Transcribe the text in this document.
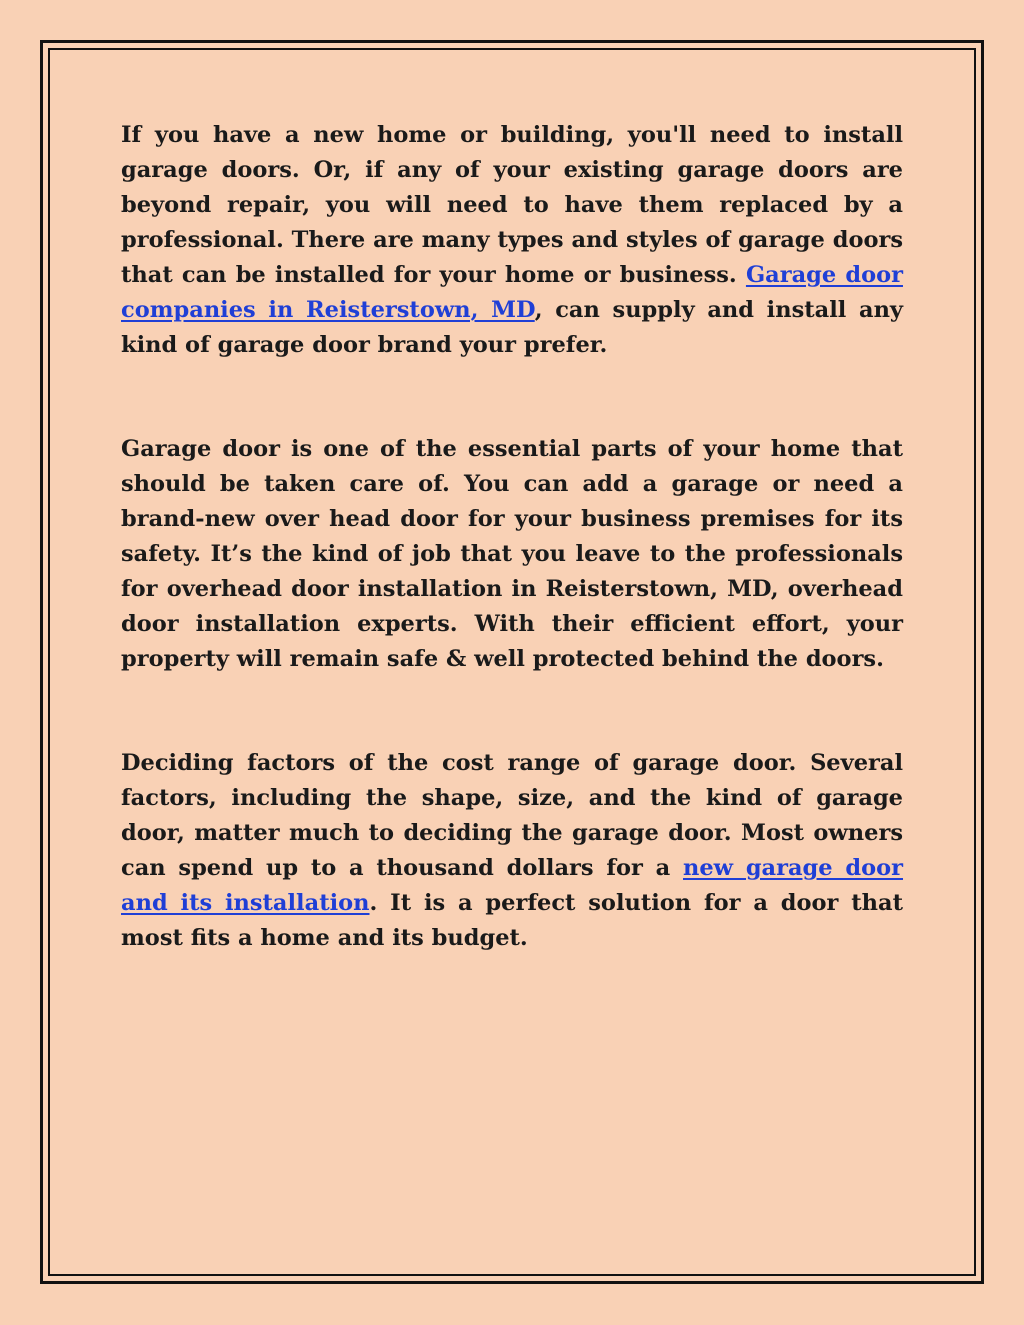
If you have a new home or building, you'll need to install garage doors. Or, if any of your existing garage doors are beyond repair, you will need to have them replaced by a professional. There are many types and styles of garage doors that can be installed for your home or business. Garage door companies in Reisterstown, MD, can supply and install any kind of garage door brand your prefer.

Garage door is one of the essential parts of your home that should be taken care of. You can add a garage or need a brand-new over head door for your business premises for its safety. It’s the kind of job that you leave to the professionals for overhead door installation in Reisterstown, MD, overhead door installation experts. With their efficient effort, your property will remain safe & well protected behind the doors.

Deciding factors of the cost range of garage door. Several factors, including the shape, size, and the kind of garage door, matter much to deciding the garage door. Most owners can spend up to a thousand dollars for a new garage door and its installation. It is a perfect solution for a door that most fits a home and its budget.
